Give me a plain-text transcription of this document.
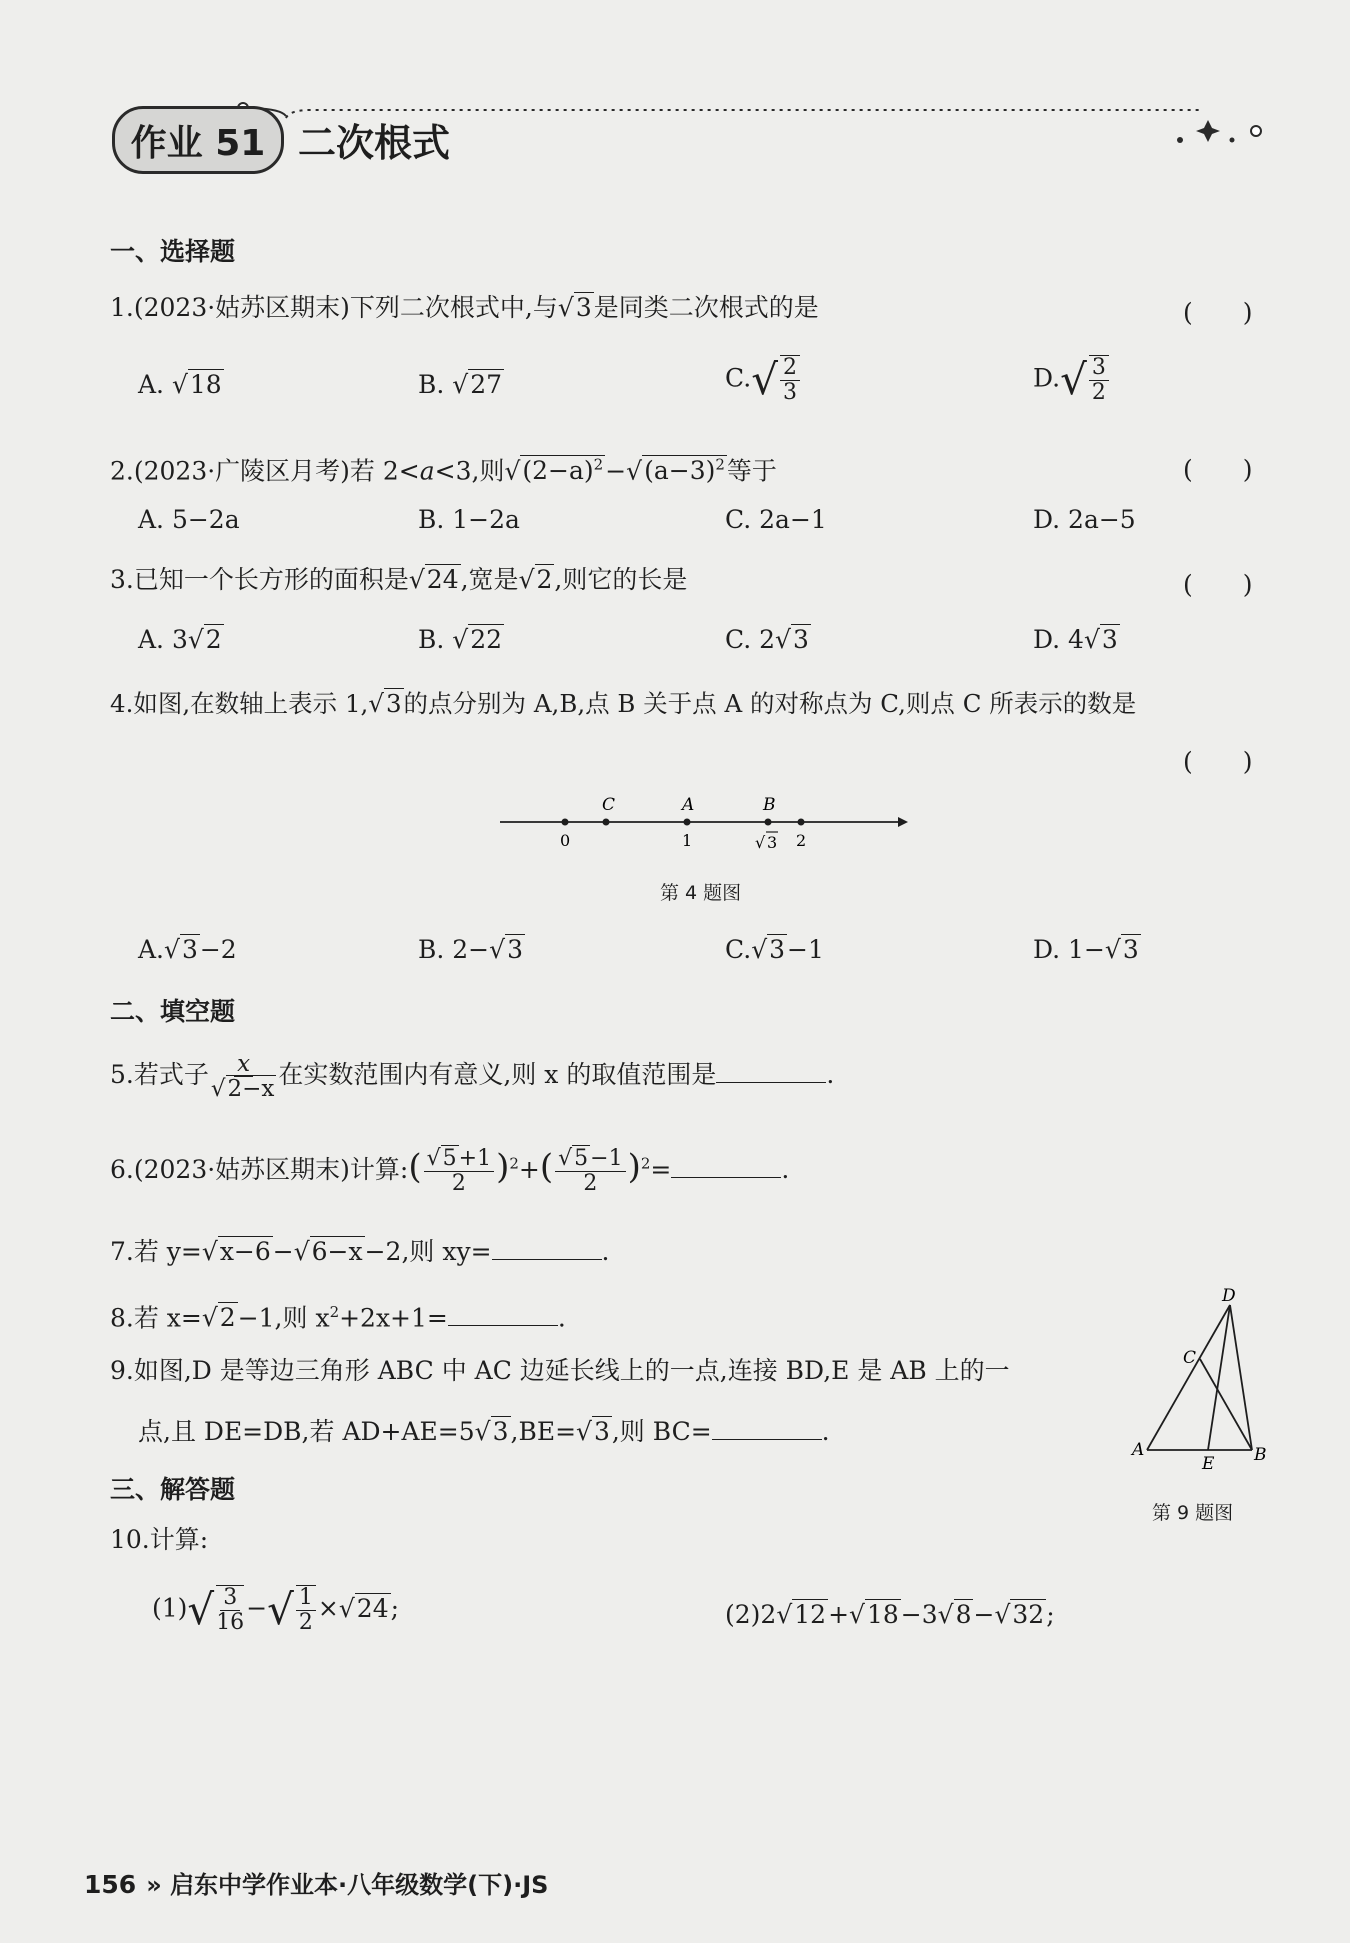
作业 51 二次根式
一、选择题
1.(2023·姑苏区期末)下列二次根式中,与√3是同类二次根式的是	(　　)
A. √18	B. √27	$C.√ \frac{2}{3}$	$D.√ \frac{3}{2}$
2.(2023·广陵区月考)若 2<a<3,则$√(2-a)^2-√(a-3)^2$等于	(　　)
A. 5−2a	B. 1−2a	C. 2a−1	D. 2a−5
3.已知一个长方形的面积是√24,宽是√2,则它的长是	(　　)
A. 3√2	B. √22	C. 2√3	D. 4√3
4.如图,在数轴上表示 1,√3的点分别为 A,B,点 B 关于点 A 的对称点为 C,则点 C 所表示的数是
(　　)
C	A	B
0	1	√ 3 2
第 4 题图
A.√3−2	B. 2−√3	C.√3−1	D. 1−√3
二、填空题
5.若式子 $\frac{x}{√2-x}$ 在实数范围内有意义,则 x 的取值范围是	.
6.(2023·姑苏区期末)计算:( $\frac{√5+1}{2} )^2+( \frac{√5-1}{2} )^2=$	.
7.若 y=√x−6−√6−x−2,则 xy=	.
8.若 x=√2−1,则 $x^2+2x+1=$	.
9.如图,D 是等边三角形 ABC 中 AC 边延长线上的一点,连接 BD,E 是 AB 上的一
点,且 DE=DB,若 AD+AE=5√3,BE=√3,则 BC=	.
D
C
A
E B
第 9 题图
三、解答题
10.计算:
$(1)√ \frac{3}{16}$ −√ $\frac{1}{2} \times√24$;	(2)2√12+√18−3√8−√32;
156 » 启东中学作业本·八年级数学(下)·JS
